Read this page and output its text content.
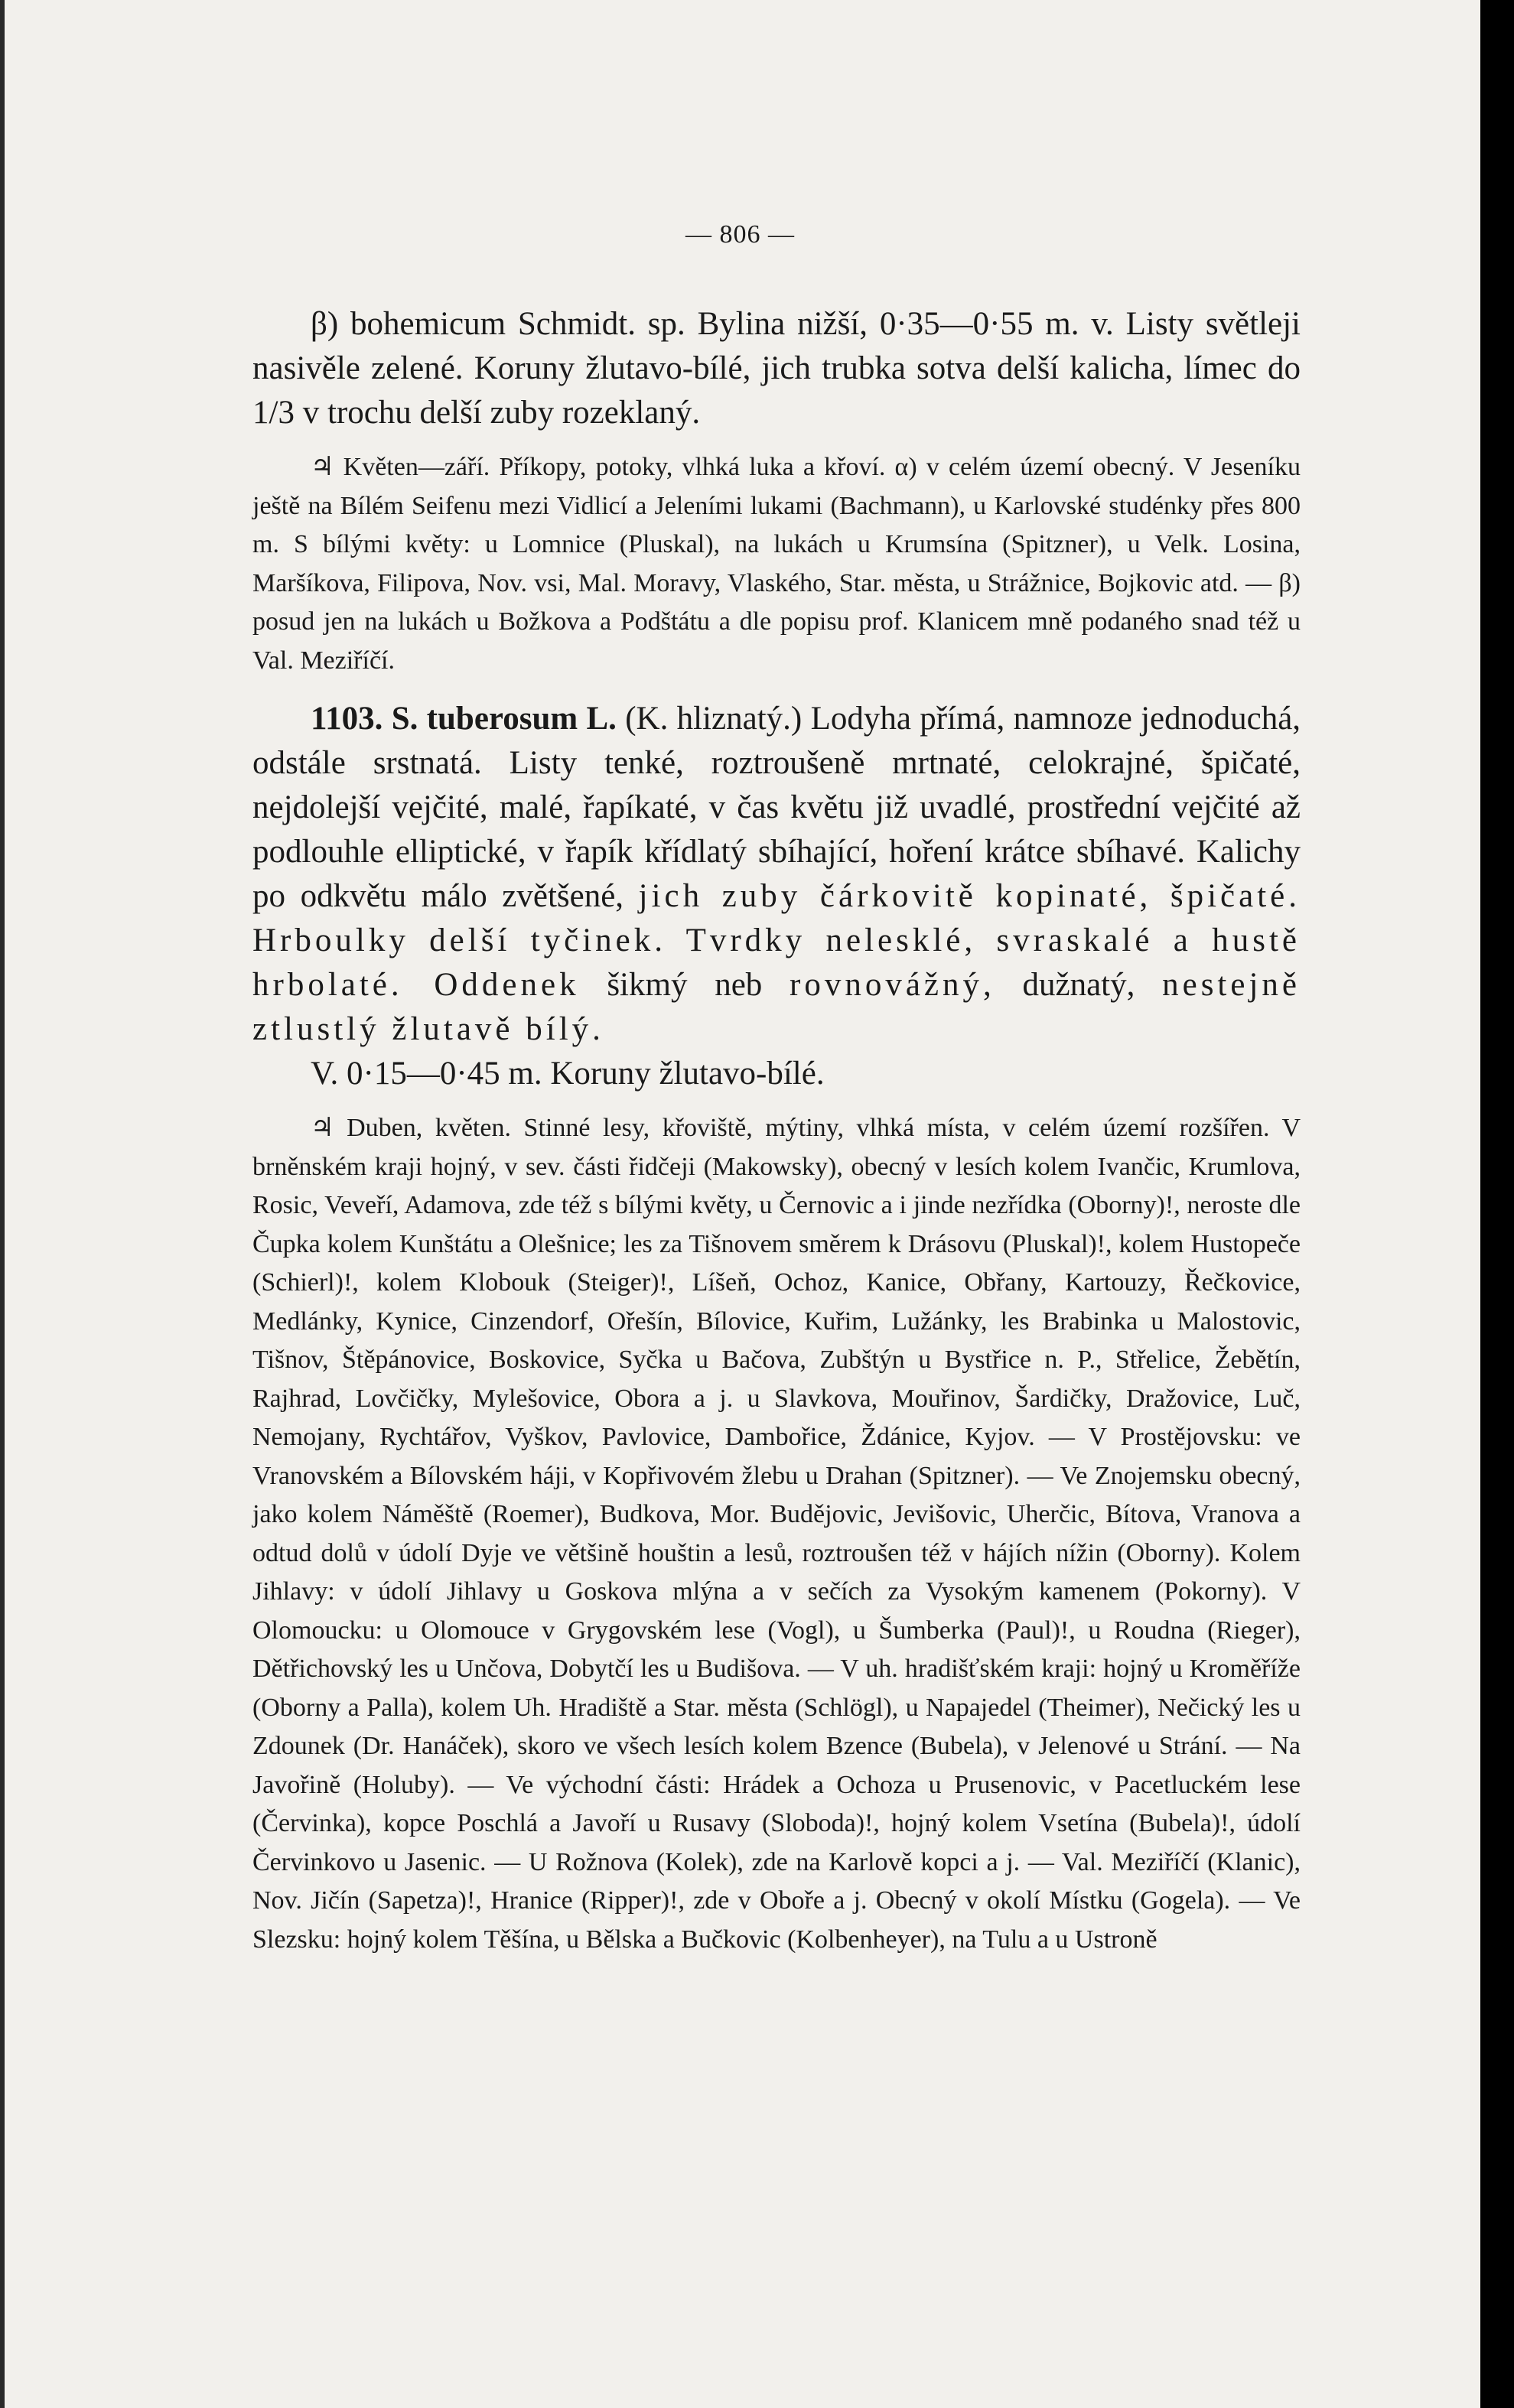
— 806 —

β) bohemicum Schmidt. sp. Bylina nižší, 0·35—0·55 m. v. Listy světleji nasivěle zelené. Koruny žlutavo-bílé, jich trubka sotva delší kalicha, límec do 1/3 v trochu delší zuby rozeklaný.

♃ Květen—září. Příkopy, potoky, vlhká luka a křoví. α) v celém území obecný. V Jeseníku ještě na Bílém Seifenu mezi Vidlicí a Jeleními lukami (Bachmann), u Karlovské studénky přes 800 m. S bílými květy: u Lomnice (Pluskal), na lukách u Krumsína (Spitzner), u Velk. Losina, Maršíkova, Filipova, Nov. vsi, Mal. Moravy, Vlaského, Star. města, u Strážnice, Bojkovic atd. — β) posud jen na lukách u Božkova a Podštátu a dle popisu prof. Klanicem mně podaného snad též u Val. Meziříčí.

1103. S. tuberosum L. (K. hliznatý.) Lodyha přímá, namnoze jednoduchá, odstále srstnatá. Listy tenké, roztroušeně mrtnaté, celokrajné, špičaté, nejdolejší vejčité, malé, řapíkaté, v čas květu již uvadlé, prostřední vejčité až podlouhle elliptické, v řapík křídlatý sbíhající, hoření krátce sbíhavé. Kalichy po odkvětu málo zvětšené, jich zuby čárkovitě kopinaté, špičaté. Hrboulky delší tyčinek. Tvrdky nelesklé, svraskalé a hustě hrbolaté. Oddenek šikmý neb rovnovážný, dužnatý, nestejně ztlustlý žlutavě bílý.

V. 0·15—0·45 m. Koruny žlutavo-bílé.

♃ Duben, květen. Stinné lesy, křoviště, mýtiny, vlhká místa, v celém území rozšířen. V brněnském kraji hojný, v sev. části řidčeji (Makowsky), obecný v lesích kolem Ivančic, Krumlova, Rosic, Veveří, Adamova, zde též s bílými květy, u Černovic a i jinde nezřídka (Oborny)!, neroste dle Čupka kolem Kunštátu a Olešnice; les za Tišnovem směrem k Drásovu (Pluskal)!, kolem Hustopeče (Schierl)!, kolem Klobouk (Steiger)!, Líšeň, Ochoz, Kanice, Obřany, Kartouzy, Řečkovice, Medlánky, Kynice, Cinzendorf, Ořešín, Bílovice, Kuřim, Lužánky, les Brabinka u Malostovic, Tišnov, Štěpánovice, Boskovice, Syčka u Bačova, Zubštýn u Bystřice n. P., Střelice, Žebětín, Rajhrad, Lovčičky, Mylešovice, Obora a j. u Slavkova, Mouřinov, Šardičky, Dražovice, Luč, Nemojany, Rychtářov, Vyškov, Pavlovice, Dambořice, Ždánice, Kyjov. — V Prostějovsku: ve Vranovském a Bílovském háji, v Kopřivovém žlebu u Drahan (Spitzner). — Ve Znojemsku obecný, jako kolem Náměště (Roemer), Budkova, Mor. Budějovic, Jevišovic, Uherčic, Bítova, Vranova a odtud dolů v údolí Dyje ve většině houštin a lesů, roztroušen též v hájích nížin (Oborny). Kolem Jihlavy: v údolí Jihlavy u Goskova mlýna a v sečích za Vysokým kamenem (Pokorny). V Olomoucku: u Olomouce v Grygovském lese (Vogl), u Šumberka (Paul)!, u Roudna (Rieger), Dětřichovský les u Unčova, Dobytčí les u Budišova. — V uh. hradišťském kraji: hojný u Kroměříže (Oborny a Palla), kolem Uh. Hradiště a Star. města (Schlögl), u Napajedel (Theimer), Nečický les u Zdounek (Dr. Hanáček), skoro ve všech lesích kolem Bzence (Bubela), v Jelenové u Strání. — Na Javořině (Holuby). — Ve východní části: Hrádek a Ochoza u Prusenovic, v Pacetluckém lese (Červinka), kopce Poschlá a Javoří u Rusavy (Sloboda)!, hojný kolem Vsetína (Bubela)!, údolí Červinkovo u Jasenic. — U Rožnova (Kolek), zde na Karlově kopci a j. — Val. Meziříčí (Klanic), Nov. Jičín (Sapetza)!, Hranice (Ripper)!, zde v Oboře a j. Obecný v okolí Místku (Gogela). — Ve Slezsku: hojný kolem Těšína, u Bělska a Bučkovic (Kolbenheyer), na Tulu a u Ustroně
